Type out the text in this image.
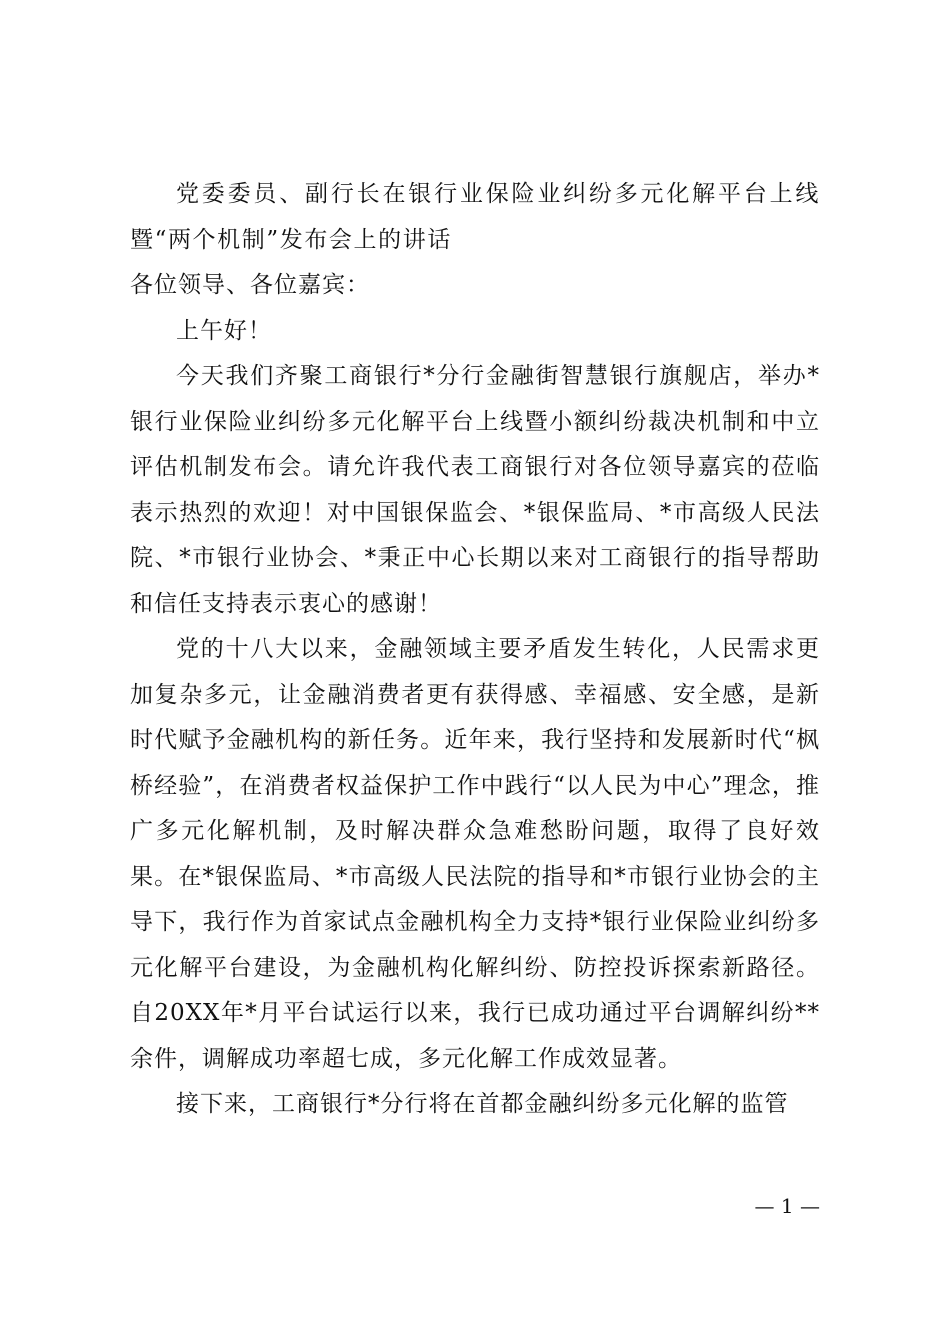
党委委员、副行长在银行业保险业纠纷多元化解平台上线暨“两个机制”发布会上的讲话

各位领导、各位嘉宾：

上午好！

今天我们齐聚工商银行*分行金融街智慧银行旗舰店，举办*银行业保险业纠纷多元化解平台上线暨小额纠纷裁决机制和中立评估机制发布会。请允许我代表工商银行对各位领导嘉宾的莅临表示热烈的欢迎！对中国银保监会、*银保监局、*市高级人民法院、*市银行业协会、*秉正中心长期以来对工商银行的指导帮助和信任支持表示衷心的感谢！

党的十八大以来，金融领域主要矛盾发生转化，人民需求更加复杂多元，让金融消费者更有获得感、幸福感、安全感，是新时代赋予金融机构的新任务。近年来，我行坚持和发展新时代“枫桥经验”，在消费者权益保护工作中践行“以人民为中心”理念，推广多元化解机制，及时解决群众急难愁盼问题，取得了良好效果。在*银保监局、*市高级人民法院的指导和*市银行业协会的主导下，我行作为首家试点金融机构全力支持*银行业保险业纠纷多元化解平台建设，为金融机构化解纠纷、防控投诉探索新路径。自20XX年*月平台试运行以来，我行已成功通过平台调解纠纷**余件，调解成功率超七成，多元化解工作成效显著。

接下来，工商银行*分行将在首都金融纠纷多元化解的监管

— 1 —
